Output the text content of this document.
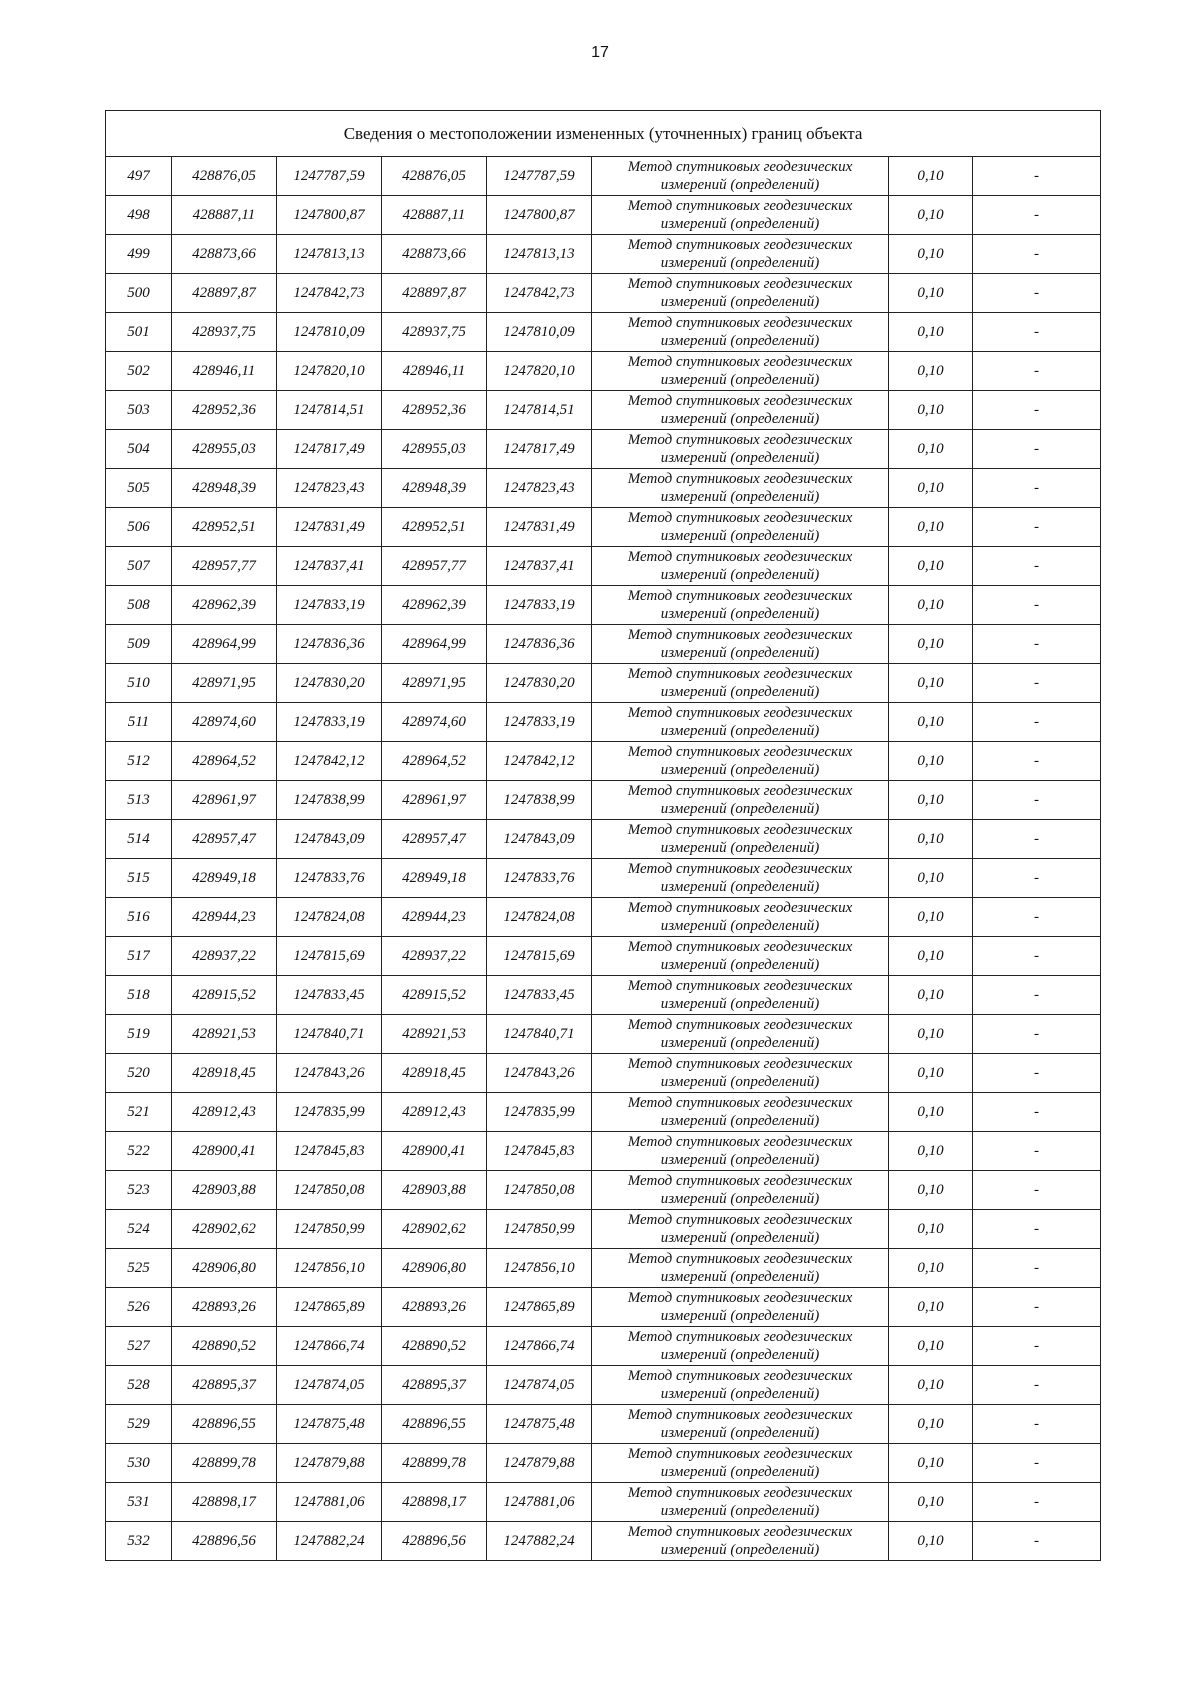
17
Сведения о местоположении измененных (уточненных) границ объекта							
497	428876,05	1247787,59	428876,05	1247787,59	Метод спутниковых геодезических
измерений (определений)	0,10	-
498	428887,11	1247800,87	428887,11	1247800,87	Метод спутниковых геодезических
измерений (определений)	0,10	-
499	428873,66	1247813,13	428873,66	1247813,13	Метод спутниковых геодезических
измерений (определений)	0,10	-
500	428897,87	1247842,73	428897,87	1247842,73	Метод спутниковых геодезических
измерений (определений)	0,10	-
501	428937,75	1247810,09	428937,75	1247810,09	Метод спутниковых геодезических
измерений (определений)	0,10	-
502	428946,11	1247820,10	428946,11	1247820,10	Метод спутниковых геодезических
измерений (определений)	0,10	-
503	428952,36	1247814,51	428952,36	1247814,51	Метод спутниковых геодезических
измерений (определений)	0,10	-
504	428955,03	1247817,49	428955,03	1247817,49	Метод спутниковых геодезических
измерений (определений)	0,10	-
505	428948,39	1247823,43	428948,39	1247823,43	Метод спутниковых геодезических
измерений (определений)	0,10	-
506	428952,51	1247831,49	428952,51	1247831,49	Метод спутниковых геодезических
измерений (определений)	0,10	-
507	428957,77	1247837,41	428957,77	1247837,41	Метод спутниковых геодезических
измерений (определений)	0,10	-
508	428962,39	1247833,19	428962,39	1247833,19	Метод спутниковых геодезических
измерений (определений)	0,10	-
509	428964,99	1247836,36	428964,99	1247836,36	Метод спутниковых геодезических
измерений (определений)	0,10	-
510	428971,95	1247830,20	428971,95	1247830,20	Метод спутниковых геодезических
измерений (определений)	0,10	-
511	428974,60	1247833,19	428974,60	1247833,19	Метод спутниковых геодезических
измерений (определений)	0,10	-
512	428964,52	1247842,12	428964,52	1247842,12	Метод спутниковых геодезических
измерений (определений)	0,10	-
513	428961,97	1247838,99	428961,97	1247838,99	Метод спутниковых геодезических
измерений (определений)	0,10	-
514	428957,47	1247843,09	428957,47	1247843,09	Метод спутниковых геодезических
измерений (определений)	0,10	-
515	428949,18	1247833,76	428949,18	1247833,76	Метод спутниковых геодезических
измерений (определений)	0,10	-
516	428944,23	1247824,08	428944,23	1247824,08	Метод спутниковых геодезических
измерений (определений)	0,10	-
517	428937,22	1247815,69	428937,22	1247815,69	Метод спутниковых геодезических
измерений (определений)	0,10	-
518	428915,52	1247833,45	428915,52	1247833,45	Метод спутниковых геодезических
измерений (определений)	0,10	-
519	428921,53	1247840,71	428921,53	1247840,71	Метод спутниковых геодезических
измерений (определений)	0,10	-
520	428918,45	1247843,26	428918,45	1247843,26	Метод спутниковых геодезических
измерений (определений)	0,10	-
521	428912,43	1247835,99	428912,43	1247835,99	Метод спутниковых геодезических
измерений (определений)	0,10	-
522	428900,41	1247845,83	428900,41	1247845,83	Метод спутниковых геодезических
измерений (определений)	0,10	-
523	428903,88	1247850,08	428903,88	1247850,08	Метод спутниковых геодезических
измерений (определений)	0,10	-
524	428902,62	1247850,99	428902,62	1247850,99	Метод спутниковых геодезических
измерений (определений)	0,10	-
525	428906,80	1247856,10	428906,80	1247856,10	Метод спутниковых геодезических
измерений (определений)	0,10	-
526	428893,26	1247865,89	428893,26	1247865,89	Метод спутниковых геодезических
измерений (определений)	0,10	-
527	428890,52	1247866,74	428890,52	1247866,74	Метод спутниковых геодезических
измерений (определений)	0,10	-
528	428895,37	1247874,05	428895,37	1247874,05	Метод спутниковых геодезических
измерений (определений)	0,10	-
529	428896,55	1247875,48	428896,55	1247875,48	Метод спутниковых геодезических
измерений (определений)	0,10	-
530	428899,78	1247879,88	428899,78	1247879,88	Метод спутниковых геодезических
измерений (определений)	0,10	-
531	428898,17	1247881,06	428898,17	1247881,06	Метод спутниковых геодезических
измерений (определений)	0,10	-
532	428896,56	1247882,24	428896,56	1247882,24	Метод спутниковых геодезических
измерений (определений)	0,10	-
